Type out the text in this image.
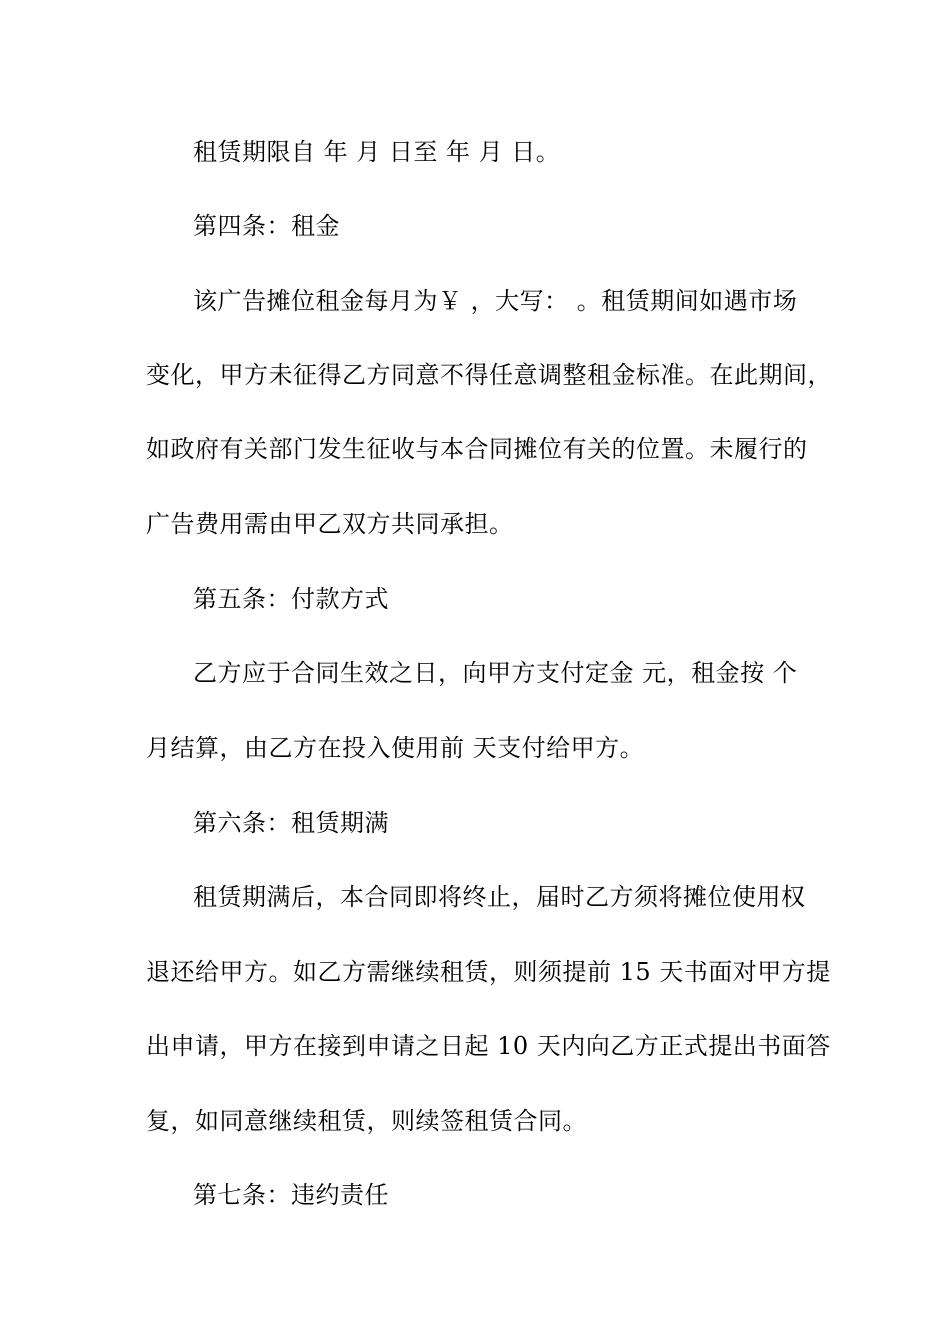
租赁期限自 年 月 日至 年 月 日。
第四条：租金
该广告摊位租金每月为￥ ，大写： 。租赁期间如遇市场
变化，甲方未征得乙方同意不得任意调整租金标准。在此期间，
如政府有关部门发生征收与本合同摊位有关的位置。未履行的
广告费用需由甲乙双方共同承担。
第五条：付款方式
乙方应于合同生效之日，向甲方支付定金 元，租金按 个
月结算，由乙方在投入使用前 天支付给甲方。
第六条：租赁期满
租赁期满后，本合同即将终止，届时乙方须将摊位使用权
退还给甲方。如乙方需继续租赁，则须提前 15 天书面对甲方提
出申请，甲方在接到申请之日起 10 天内向乙方正式提出书面答
复，如同意继续租赁，则续签租赁合同。
第七条：违约责任
